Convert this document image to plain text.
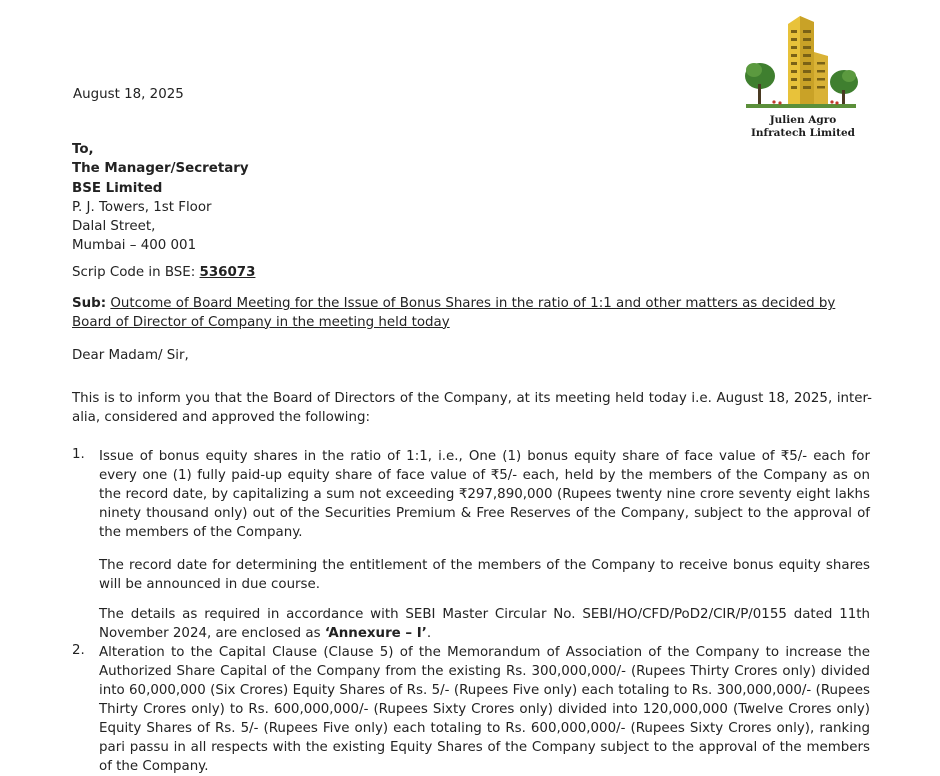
August 18, 2025
Julien Agro
Infratech Limited
To,
The Manager/Secretary
BSE Limited
P. J. Towers, 1st Floor
Dalal Street,
Mumbai – 400 001
Scrip Code in BSE: 536073
Sub: Outcome of Board Meeting for the Issue of Bonus Shares in the ratio of 1:1 and other matters as decided by Board of Director of Company in the meeting held today
Dear Madam/ Sir,
This is to inform you that the Board of Directors of the Company, at its meeting held today i.e. August 18, 2025, inter-alia, considered and approved the following:
1. Issue of bonus equity shares in the ratio of 1:1, i.e., One (1) bonus equity share of face value of ₹5/- each for every one (1) fully paid-up equity share of face value of ₹5/- each, held by the members of the Company as on the record date, by capitalizing a sum not exceeding ₹297,890,000 (Rupees twenty nine crore seventy eight lakhs ninety thousand only) out of the Securities Premium & Free Reserves of the Company, subject to the approval of the members of the Company.
The record date for determining the entitlement of the members of the Company to receive bonus equity shares will be announced in due course.
The details as required in accordance with SEBI Master Circular No. SEBI/HO/CFD/PoD2/CIR/P/0155 dated 11th November 2024, are enclosed as ‘Annexure – I’.
2. Alteration to the Capital Clause (Clause 5) of the Memorandum of Association of the Company to increase the Authorized Share Capital of the Company from the existing Rs. 300,000,000/- (Rupees Thirty Crores only) divided into 60,000,000 (Six Crores) Equity Shares of Rs. 5/- (Rupees Five only) each totaling to Rs. 300,000,000/- (Rupees Thirty Crores only) to Rs. 600,000,000/- (Rupees Sixty Crores only) divided into 120,000,000 (Twelve Crores only) Equity Shares of Rs. 5/- (Rupees Five only) each totaling to Rs. 600,000,000/- (Rupees Sixty Crores only), ranking pari passu in all respects with the existing Equity Shares of the Company subject to the approval of the members of the Company.
